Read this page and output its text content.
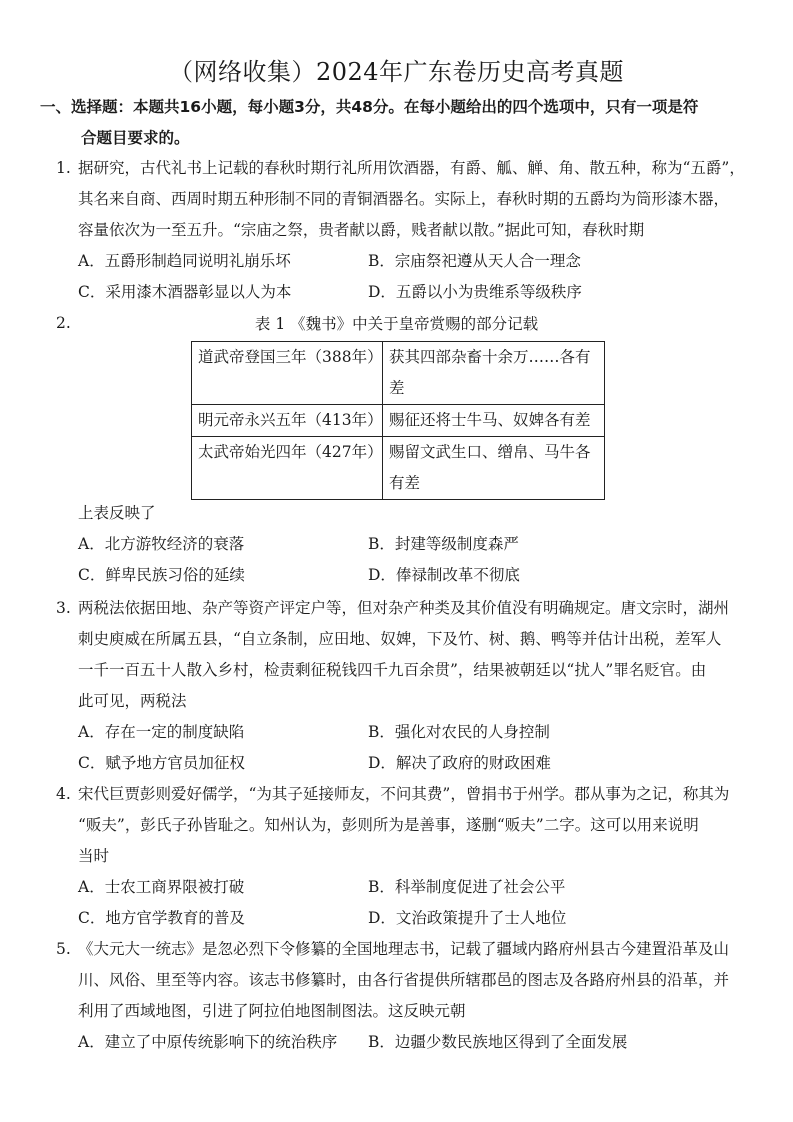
（网络收集）2024年广东卷历史高考真题
一、选择题：本题共16小题，每小题3分，共48分。在每小题给出的四个选项中，只有一项是符
合题目要求的。
1. 据研究，古代礼书上记载的春秋时期行礼所用饮酒器，有爵、觚、觯、角、散五种，称为“五爵”，
其名来自商、西周时期五种形制不同的青铜酒器名。实际上，春秋时期的五爵均为筒形漆木器，
容量依次为一至五升。“宗庙之祭，贵者献以爵，贱者献以散。”据此可知，春秋时期
A．五爵形制趋同说明礼崩乐坏	B．宗庙祭祀遵从天人合一理念
C．采用漆木酒器彰显以人为本	D．五爵以小为贵维系等级秩序
2.	表 1 《魏书》中关于皇帝赏赐的部分记载
道武帝登国三年（388年）	获其四部杂畜十余万……各有差
明元帝永兴五年（413年）	赐征还将士牛马、奴婢各有差
太武帝始光四年（427年）	赐留文武生口、缯帛、马牛各有差
上表反映了
A．北方游牧经济的衰落	B．封建等级制度森严
C．鲜卑民族习俗的延续	D．俸禄制改革不彻底
3. 两税法依据田地、杂产等资产评定户等，但对杂产种类及其价值没有明确规定。唐文宗时，湖州
刺史庾威在所属五县，“自立条制，应田地、奴婢，下及竹、树、鹅、鸭等并估计出税，差军人
一千一百五十人散入乡村，检责剩征税钱四千九百余贯”，结果被朝廷以“扰人”罪名贬官。由
此可见，两税法
A．存在一定的制度缺陷	B．强化对农民的人身控制
C．赋予地方官员加征权	D．解决了政府的财政困难
4. 宋代巨贾彭则爱好儒学，“为其子延接师友，不问其费”，曾捐书于州学。郡从事为之记，称其为
“贩夫”，彭氏子孙皆耻之。知州认为，彭则所为是善事，遂删“贩夫”二字。这可以用来说明
当时
A．士农工商界限被打破	B．科举制度促进了社会公平
C．地方官学教育的普及	D．文治政策提升了士人地位
5. 《大元大一统志》是忽必烈下令修纂的全国地理志书，记载了疆域内路府州县古今建置沿革及山
川、风俗、里至等内容。该志书修纂时，由各行省提供所辖郡邑的图志及各路府州县的沿革，并
利用了西域地图，引进了阿拉伯地图制图法。这反映元朝
A．建立了中原传统影响下的统治秩序 B．边疆少数民族地区得到了全面发展
